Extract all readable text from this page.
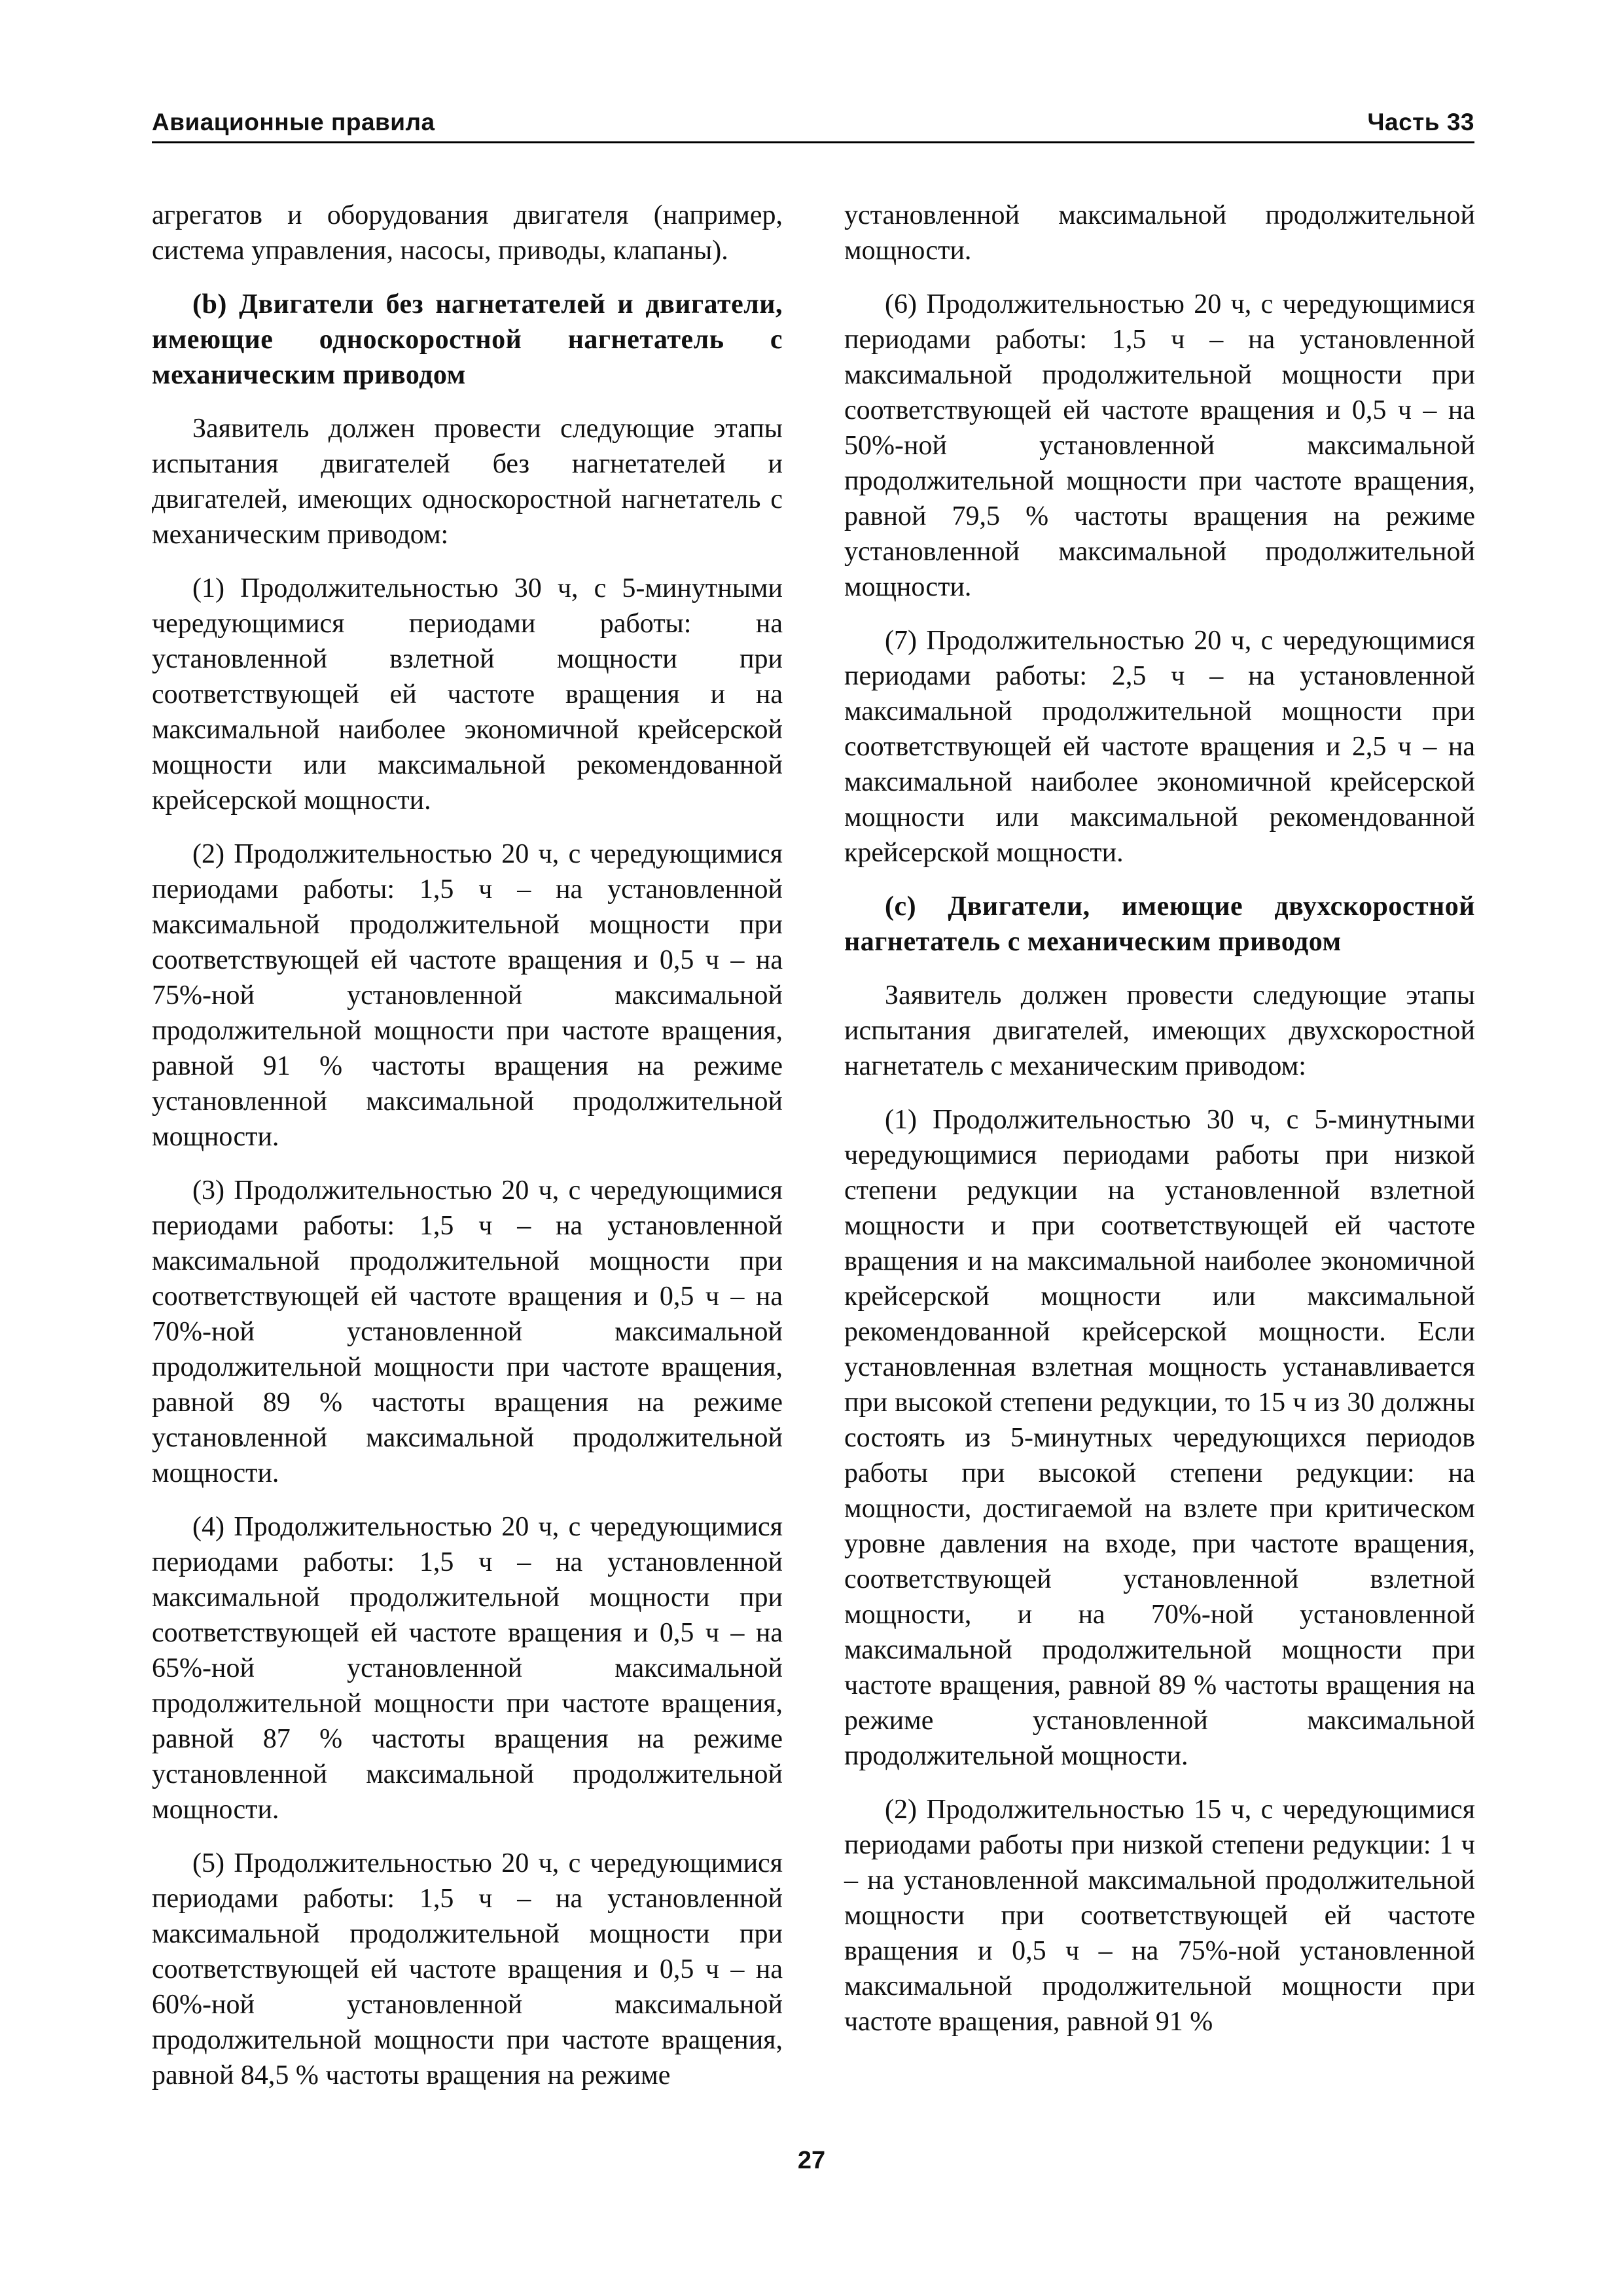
Авиационные правила	Часть 33

агрегатов и оборудования двигателя (например, система управления, насосы, приводы, клапаны).

(b) Двигатели без нагнетателей и двигатели, имеющие односкоростной нагнетатель с механическим приводом

Заявитель должен провести следующие этапы испытания двигателей без нагнетателей и двигателей, имеющих односкоростной нагнетатель с механическим приводом:

(1) Продолжительностью 30 ч, с 5-минутными чередующимися периодами работы: на установленной взлетной мощности при соответствующей ей частоте вращения и на максимальной наиболее экономичной крейсерской мощности или максимальной рекомендованной крейсерской мощности.

(2) Продолжительностью 20 ч, с чередующимися периодами работы: 1,5 ч – на установленной максимальной продолжительной мощности при соответствующей ей частоте вращения и 0,5 ч – на 75%-ной установленной максимальной продолжительной мощности при частоте вращения, равной 91 % частоты вращения на режиме установленной максимальной продолжительной мощности.

(3) Продолжительностью 20 ч, с чередующимися периодами работы: 1,5 ч – на установленной максимальной продолжительной мощности при соответствующей ей частоте вращения и 0,5 ч – на 70%-ной установленной максимальной продолжительной мощности при частоте вращения, равной 89 % частоты вращения на режиме установленной максимальной продолжительной мощности.

(4) Продолжительностью 20 ч, с чередующимися периодами работы: 1,5 ч – на установленной максимальной продолжительной мощности при соответствующей ей частоте вращения и 0,5 ч – на 65%-ной установленной максимальной продолжительной мощности при частоте вращения, равной 87 % частоты вращения на режиме установленной максимальной продолжительной мощности.

(5) Продолжительностью 20 ч, с чередующимися периодами работы: 1,5 ч – на установленной максимальной продолжительной мощности при соответствующей ей частоте вращения и 0,5 ч – на 60%-ной установленной максимальной продолжительной мощности при частоте вращения, равной 84,5 % частоты вращения на режиме

установленной максимальной продолжительной мощности.

(6) Продолжительностью 20 ч, с чередующимися периодами работы: 1,5 ч – на установленной максимальной продолжительной мощности при соответствующей ей частоте вращения и 0,5 ч – на 50%-ной установленной максимальной продолжительной мощности при частоте вращения, равной 79,5 % частоты вращения на режиме установленной максимальной продолжительной мощности.

(7) Продолжительностью 20 ч, с чередующимися периодами работы: 2,5 ч – на установленной максимальной продолжительной мощности при соответствующей ей частоте вращения и 2,5 ч – на максимальной наиболее экономичной крейсерской мощности или максимальной рекомендованной крейсерской мощности.

(c) Двигатели, имеющие двухскоростной нагнетатель с механическим приводом

Заявитель должен провести следующие этапы испытания двигателей, имеющих двухскоростной нагнетатель с механическим приводом:

(1) Продолжительностью 30 ч, с 5-минутными чередующимися периодами работы при низкой степени редукции на установленной взлетной мощности и при соответствующей ей частоте вращения и на максимальной наиболее экономичной крейсерской мощности или максимальной рекомендованной крейсерской мощности. Если установленная взлетная мощность устанавливается при высокой степени редукции, то 15 ч из 30 должны состоять из 5-минутных чередующихся периодов работы при высокой степени редукции: на мощности, достигаемой на взлете при критическом уровне давления на входе, при частоте вращения, соответствующей установленной взлетной мощности, и на 70%-ной установленной максимальной продолжительной мощности при частоте вращения, равной 89 % частоты вращения на режиме установленной максимальной продолжительной мощности.

(2) Продолжительностью 15 ч, с чередующимися периодами работы при низкой степени редукции: 1 ч – на установленной максимальной продолжительной мощности при соответствующей ей частоте вращения и 0,5 ч – на 75%-ной установленной максимальной продолжительной мощности при частоте вращения, равной 91 %

27
